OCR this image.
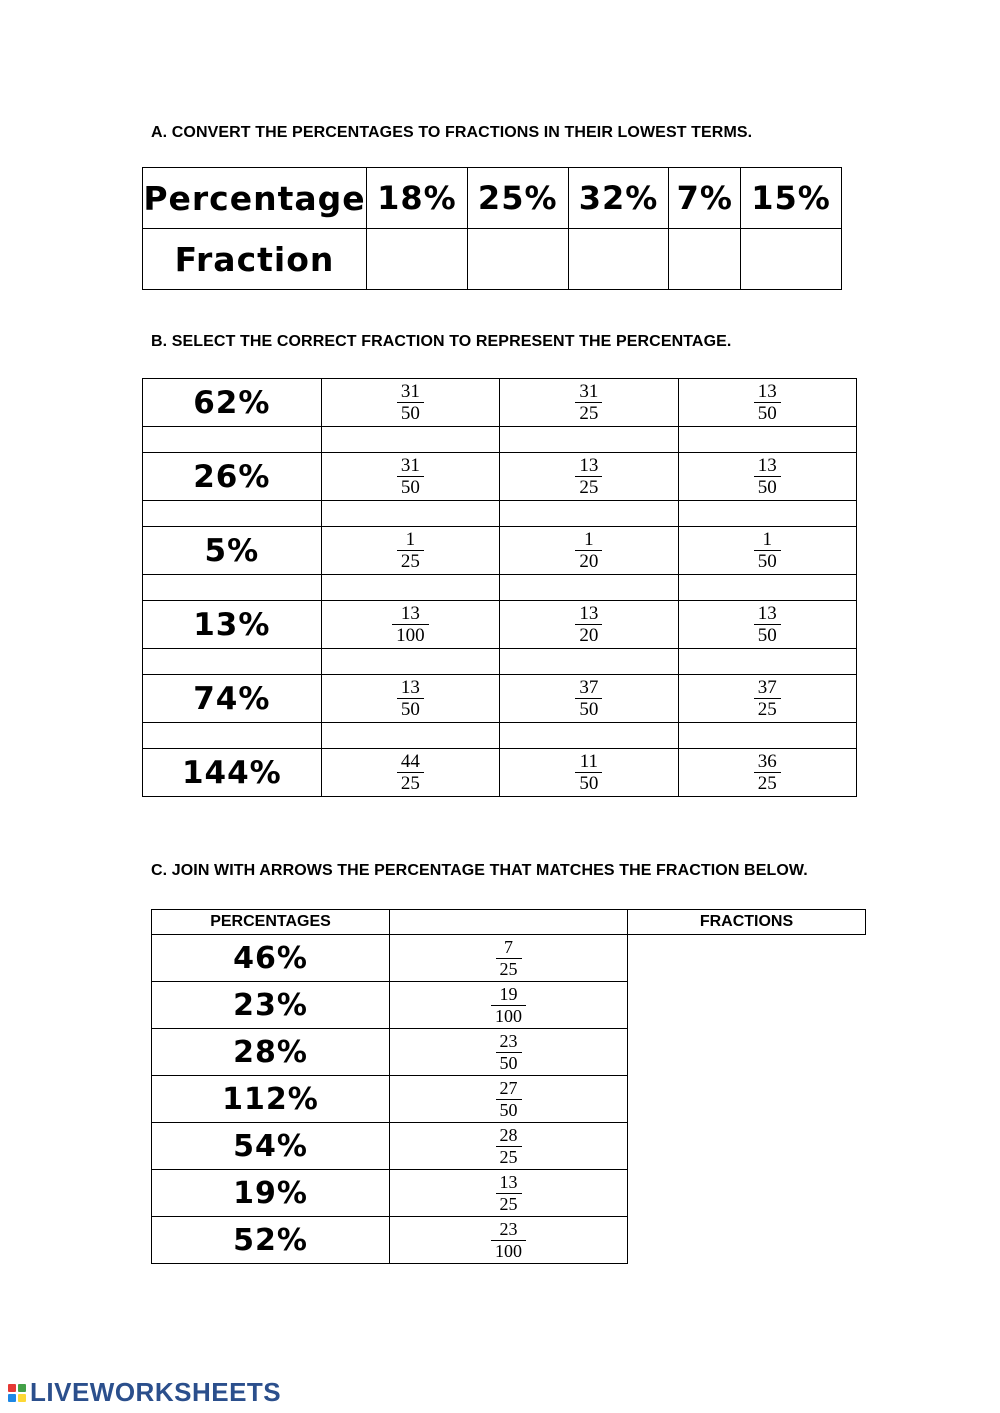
A. CONVERT THE PERCENTAGES TO FRACTIONS IN THEIR LOWEST TERMS.
Percentage	18%	25%	32%	7%	15%
Fraction					
B. SELECT THE CORRECT FRACTION TO REPRESENT THE PERCENTAGE.
62%	$\frac{31}{50}$	$\frac{31}{25}$	$\frac{13}{50}$

26%	$\frac{31}{50}$	$\frac{13}{25}$	$\frac{13}{50}$

5%	$\frac{1}{25}$	$\frac{1}{20}$	$\frac{1}{50}$

13%	$\frac{13}{100}$	$\frac{13}{20}$	$\frac{13}{50}$

74%	$\frac{13}{50}$	$\frac{37}{50}$	$\frac{37}{25}$

144%	$\frac{44}{25}$	$\frac{11}{50}$	$\frac{36}{25}$
C. JOIN WITH ARROWS THE PERCENTAGE THAT MATCHES THE FRACTION BELOW.
PERCENTAGES		FRACTIONS
46%	$\frac{7}{25}$

23%	$\frac{19}{100}$

28%	$\frac{23}{50}$

112%	$\frac{27}{50}$

54%	$\frac{28}{25}$

19%	$\frac{13}{25}$

52%	$\frac{23}{100}$
LIVEWORKSHEETS
